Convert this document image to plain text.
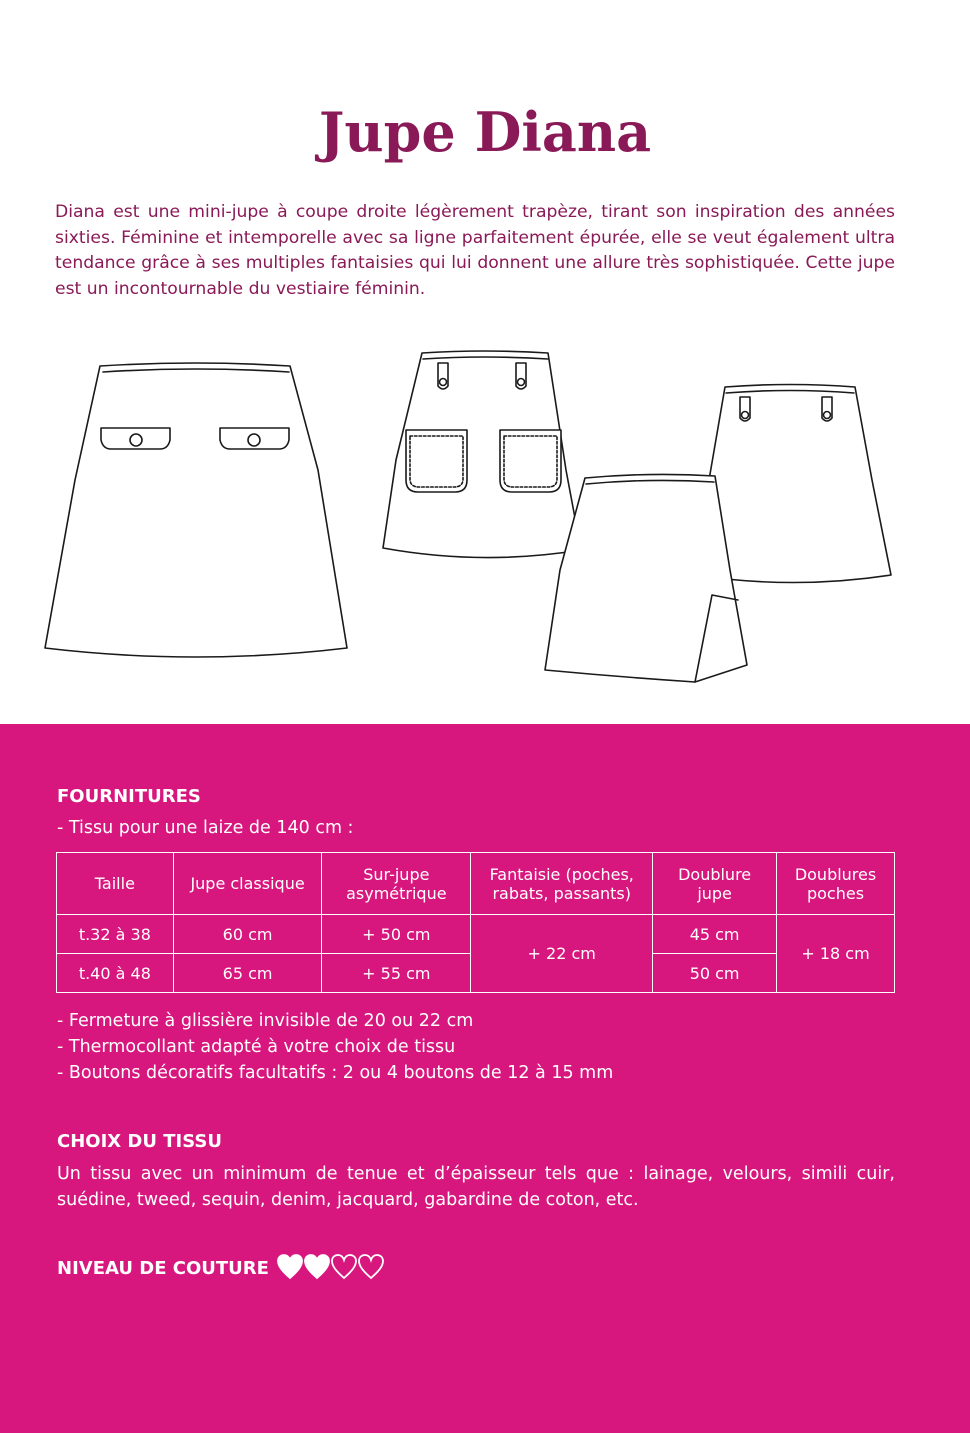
Jupe Diana

Diana est une mini-jupe à coupe droite légèrement trapèze, tirant son inspiration des années sixties. Féminine et intemporelle avec sa ligne parfaitement épurée, elle se veut également ultra tendance grâce à ses multiples fantaisies qui lui donnent une allure très sophistiquée. Cette jupe est un incontournable du vestiaire féminin.

FOURNITURES
- Tissu pour une laize de 140 cm :
Taille	Jupe classique	Sur-jupe asymétrique	Fantaisie (poches, rabats, passants)	Doublure jupe	Doublures poches
t.32 à 38	60 cm	+ 50 cm	+ 22 cm	45 cm	+ 18 cm
t.40 à 48	65 cm	+ 55 cm		50 cm	
- Fermeture à glissière invisible de 20 ou 22 cm
- Thermocollant adapté à votre choix de tissu
- Boutons décoratifs facultatifs : 2 ou 4 boutons de 12 à 15 mm
CHOIX DU TISSU

Un tissu avec un minimum de tenue et d’épaisseur tels que : lainage, velours, simili cuir, suédine, tweed, sequin, denim, jacquard, gabardine de coton, etc.

NIVEAU DE COUTURE
